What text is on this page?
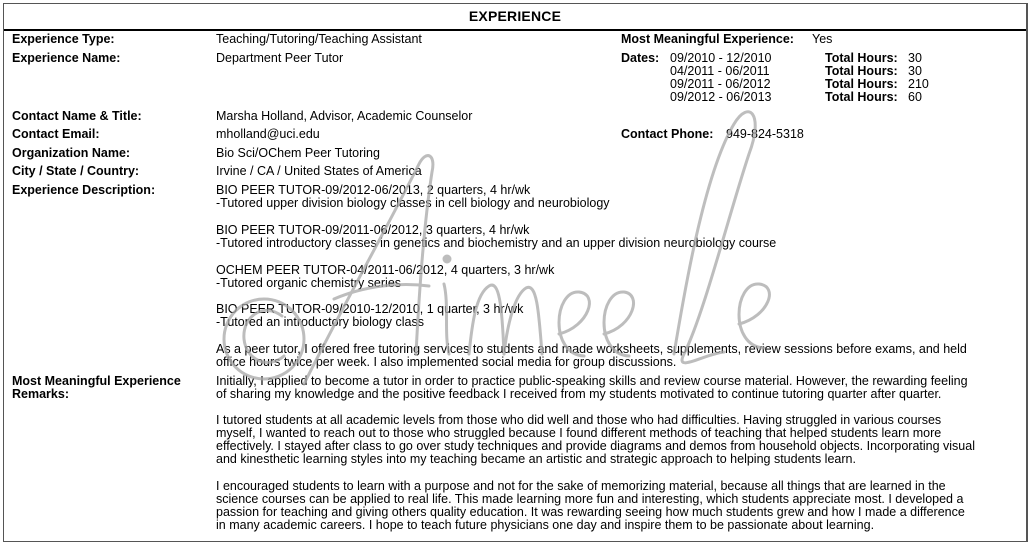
EXPERIENCE
Experience Type:	Teaching/Tutoring/Teaching Assistant
Experience Name:	Department Peer Tutor
Most Meaningful Experience: Yes
Dates: 09/2010 - 12/2010	Total Hours: 30
04/2011 - 06/2011	Total Hours: 30
09/2011 - 06/2012	Total Hours: 210
09/2012 - 06/2013	Total Hours: 60
Contact Name & Title:	Marsha Holland, Advisor, Academic Counselor
Contact Email:	mholland@uci.edu	Contact Phone: 949-824-5318
Organization Name:	Bio Sci/OChem Peer Tutoring
City / State / Country:	Irvine / CA / United States of America
Experience Description:	BIO PEER TUTOR-09/2012-06/2013, 2 quarters, 4 hr/wk
-Tutored upper division biology classes in cell biology and neurobiology
BIO PEER TUTOR-09/2011-06/2012, 3 quarters, 4 hr/wk
-Tutored introductory classes in genetics and biochemistry and an upper division neurobiology course
OCHEM PEER TUTOR-04/2011-06/2012, 4 quarters, 3 hr/wk
-Tutored organic chemistry series
BIO PEER TUTOR-09/2010-12/2010, 1 quarter, 3 hr/wk
-Tutored an introductory biology class
As a peer tutor, I offered free tutoring services to students and made worksheets, supplements, review sessions before exams, and held
office hours twice per week. I also implemented social media for group discussions.
Most Meaningful Experience
Remarks:
Initially, I applied to become a tutor in order to practice public-speaking skills and review course material. However, the rewarding feeling
of sharing my knowledge and the positive feedback I received from my students motivated to continue tutoring quarter after quarter.
I tutored students at all academic levels from those who did well and those who had difficulties. Having struggled in various courses
myself, I wanted to reach out to those who struggled because I found different methods of teaching that helped students learn more
effectively. I stayed after class to go over study techniques and provide diagrams and demos from household objects. Incorporating visual
and kinesthetic learning styles into my teaching became an artistic and strategic approach to helping students learn.
I encouraged students to learn with a purpose and not for the sake of memorizing material, because all things that are learned in the
science courses can be applied to real life. This made learning more fun and interesting, which students appreciate most. I developed a
passion for teaching and giving others quality education. It was rewarding seeing how much students grew and how I made a difference
in many academic careers. I hope to teach future physicians one day and inspire them to be passionate about learning.
